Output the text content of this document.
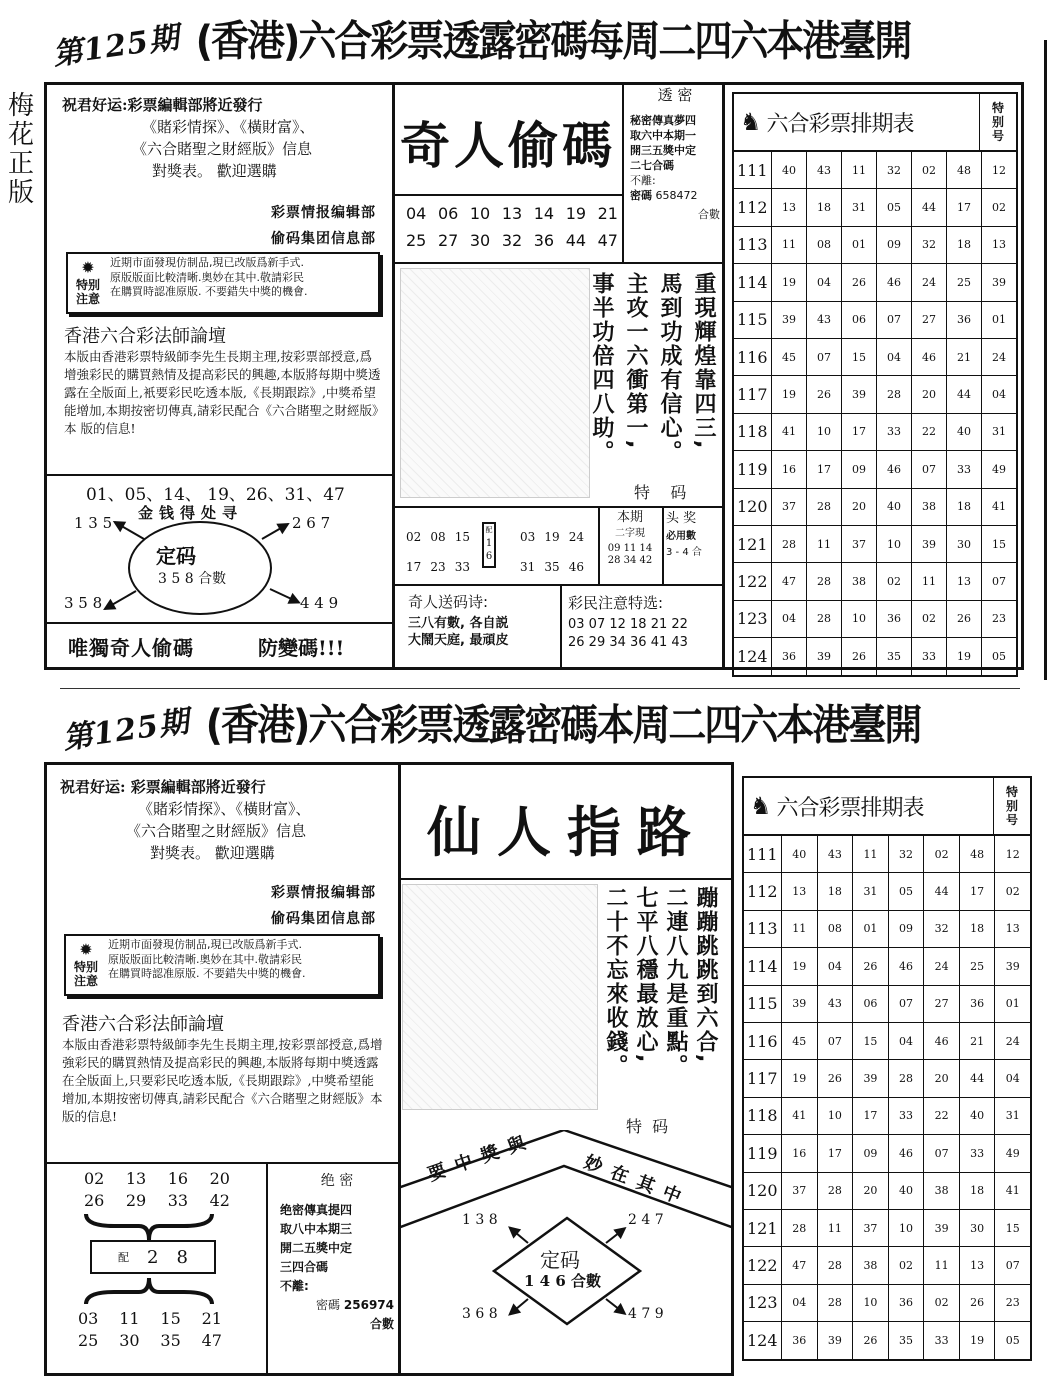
第125期 (香港)六合彩票透露密碼每周二四六本港臺開
梅花正版
祝君好运:彩票編輯部將近發行
《賭彩情探》、《橫財富》、
《六合賭聖之財經版》信息
對獎表。 歡迎選購
彩票情报编辑部
偷码集团信息部
✹
特别
注意
近期市面發現仿制品,現已改版爲新手式.
原版版面比較清晰.奥妙在其中.敬請彩民
在購買時認准原版. 不要錯失中獎的機會.
香港六合彩法師論壇
本版由香港彩票特級師李先生長期主理,按彩票部授意,爲增強彩民的購買熱情及提高彩民的興趣,本版將每期中獎透露在全版面上,衹要彩民吃透本版,《長期跟踪》,中獎希望能增加,本期按密切傳真,請彩民配合《六合賭聖之財經版》本 版的信息!
01、05、14、 19、26、31、47
金钱得处寻
定码
3 5 8 合數
1 3 5	2 6 7
3 5 8	4 4 9
唯獨奇人偷碼	防變碼!!!
奇人偷碼
04 06 10 13 14 19 21
25 27 30 32 36 44 47
透 密
秘密傳真夢四
取六中本期一
開三五獎中定
二七合碼
不離:
密碼 658472
合數
重現輝煌靠四三,
馬到功成有信心。
主攻一六衝第一,
事半功倍四八助。
特    码
02 08 15
17 23 33
配
1
6
03 19 24
31 35 46
本期
二字現
09 11 14
28 34 42
头 奖
必用數
3 - 4 合
奇人送码诗:
三八有數, 各自説
大鬧天庭, 最頑皮
彩民注意特选:
03 07 12 18 21 22
26 29 34 36 41 43
♞ 六合彩票排期表
特
别
号
111	40	43	11	32	02	48	12
112	13	18	31	05	44	17	02
113	11	08	01	09	32	18	13
114	19	04	26	46	24	25	39
115	39	43	06	07	27	36	01
116	45	07	15	04	46	21	24
117	19	26	39	28	20	44	04
118	41	10	17	33	22	40	31
119	16	17	09	46	07	33	49
120	37	28	20	40	38	18	41
121	28	11	37	10	39	30	15
122	47	28	38	02	11	13	07
123	04	28	10	36	02	26	23
124	36	39	26	35	33	19	05
第125期 (香港)六合彩票透露密碼本周二四六本港臺開
祝君好运: 彩票編輯部將近發行
《賭彩情探》、《橫財富》、
《六合賭聖之財經版》信息
對獎表。 歡迎選購
彩票情报编辑部
偷码集团信息部
✹
特别
注意
近期市面發現仿制品,現已改版爲新手式.
原版版面比較清晰.奥妙在其中.敬請彩民
在購買時認准原版. 不要錯失中獎的機會.
香港六合彩法師論壇
本版由香港彩票特級師李先生長期主理,按彩票部授意,爲增強彩民的購買熱情及提高彩民的興趣,本版將每期中獎透露在全版面上,只要彩民吃透本版,《長期跟踪》,中獎希望能增加,本期按密切傳真,請彩民配合《六合賭聖之財經版》本版的信息!
02 13 16 20
26 29 33 42
配 2 8
03 11 15 21
25 30 35 47
绝 密
绝密傳真提四
取八中本期三
開二五獎中定
三四合碼
不離:
密碼 256974
合數
仙人指路
蹦蹦跳跳到六合,
二連八九是重點。
七平八穩最放心,
二十不忘來收錢。
特  码
要中獎與 妙在其中
定码
1 4 6 合數
1 3 8	2 4 7
3 6 8	4 7 9
♞ 六合彩票排期表
特
别
号
111	40	43	11	32	02	48	12
112	13	18	31	05	44	17	02
113	11	08	01	09	32	18	13
114	19	04	26	46	24	25	39
115	39	43	06	07	27	36	01
116	45	07	15	04	46	21	24
117	19	26	39	28	20	44	04
118	41	10	17	33	22	40	31
119	16	17	09	46	07	33	49
120	37	28	20	40	38	18	41
121	28	11	37	10	39	30	15
122	47	28	38	02	11	13	07
123	04	28	10	36	02	26	23
124	36	39	26	35	33	19	05
